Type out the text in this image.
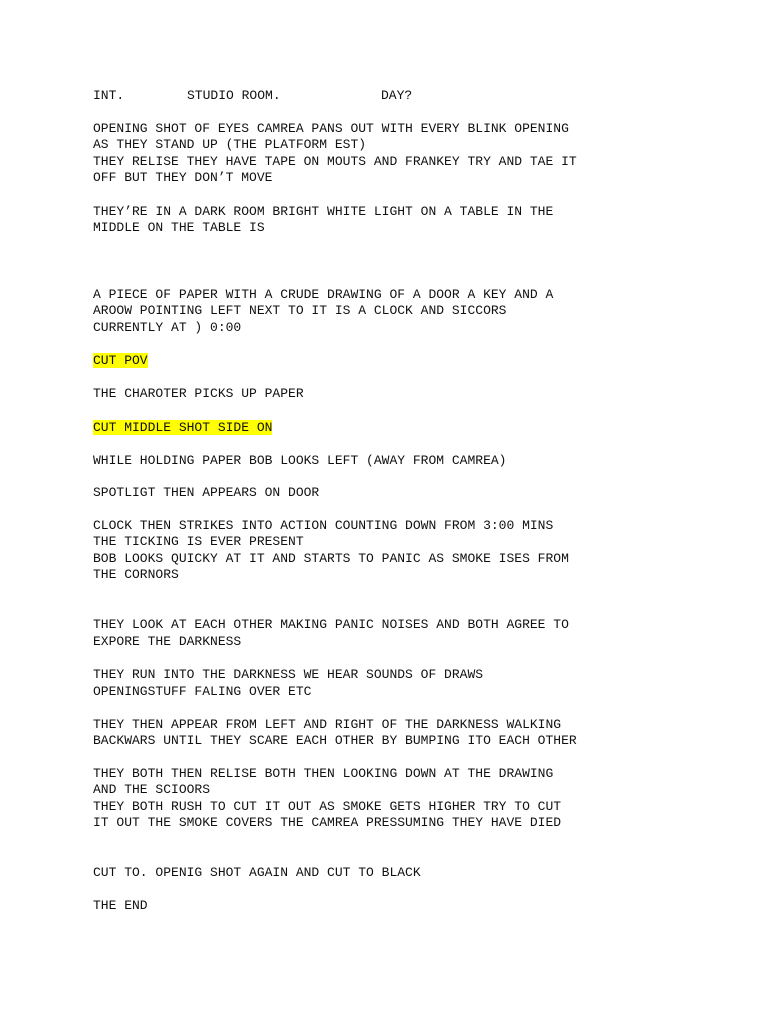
INT.	STUDIO ROOM.	DAY?
OPENING SHOT OF EYES CAMREA PANS OUT WITH EVERY BLINK OPENING
AS THEY STAND UP (THE PLATFORM EST)
THEY RELISE THEY HAVE TAPE ON MOUTS AND FRANKEY TRY AND TAE IT
OFF BUT THEY DON’T MOVE
THEY’RE IN A DARK ROOM BRIGHT WHITE LIGHT ON A TABLE IN THE
MIDDLE ON THE TABLE IS
A PIECE OF PAPER WITH A CRUDE DRAWING OF A DOOR A KEY AND A
AROOW POINTING LEFT NEXT TO IT IS A CLOCK AND SICCORS
CURRENTLY AT ) 0:00
CUT POV
THE CHAROTER PICKS UP PAPER
CUT MIDDLE SHOT SIDE ON
WHILE HOLDING PAPER BOB LOOKS LEFT (AWAY FROM CAMREA)
SPOTLIGT THEN APPEARS ON DOOR
CLOCK THEN STRIKES INTO ACTION COUNTING DOWN FROM 3:00 MINS
THE TICKING IS EVER PRESENT
BOB LOOKS QUICKY AT IT AND STARTS TO PANIC AS SMOKE ISES FROM
THE CORNORS
THEY LOOK AT EACH OTHER MAKING PANIC NOISES AND BOTH AGREE TO
EXPORE THE DARKNESS
THEY RUN INTO THE DARKNESS WE HEAR SOUNDS OF DRAWS
OPENINGSTUFF FALING OVER ETC
THEY THEN APPEAR FROM LEFT AND RIGHT OF THE DARKNESS WALKING
BACKWARS UNTIL THEY SCARE EACH OTHER BY BUMPING ITO EACH OTHER
THEY BOTH THEN RELISE BOTH THEN LOOKING DOWN AT THE DRAWING
AND THE SCIOORS
THEY BOTH RUSH TO CUT IT OUT AS SMOKE GETS HIGHER TRY TO CUT
IT OUT THE SMOKE COVERS THE CAMREA PRESSUMING THEY HAVE DIED
CUT TO. OPENIG SHOT AGAIN AND CUT TO BLACK
THE END
